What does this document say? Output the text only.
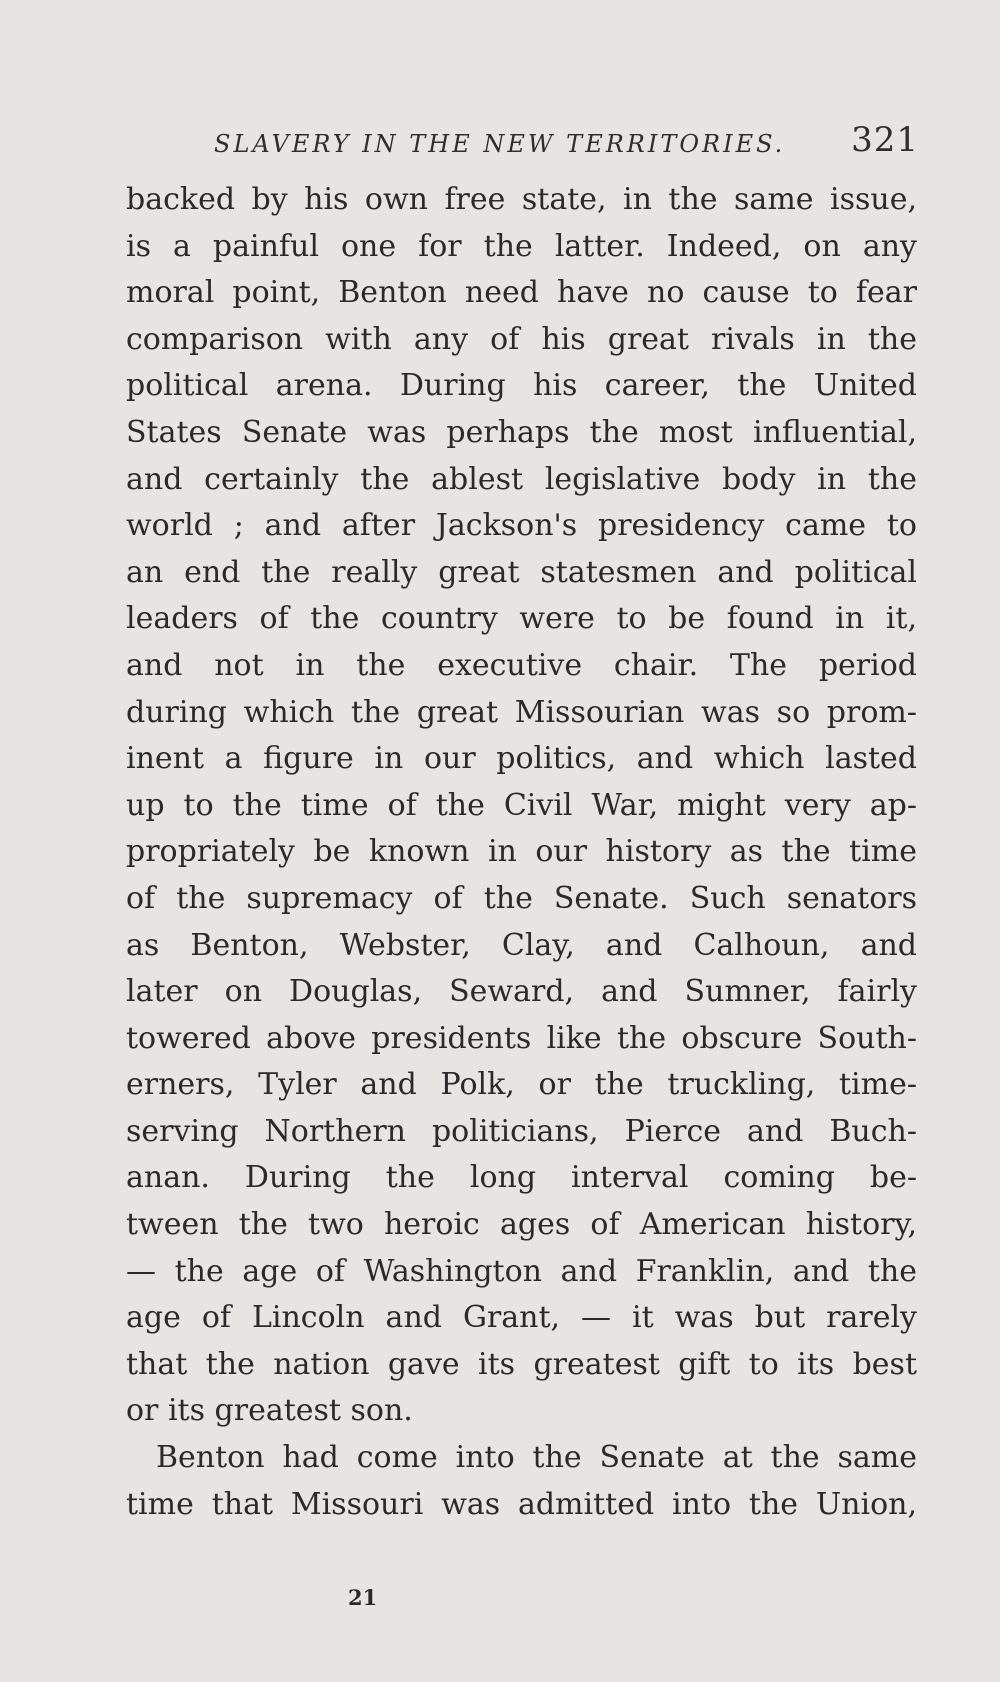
SLAVERY IN THE NEW TERRITORIES. 321
backed by his own free state, in the same issue,
is a painful one for the latter. Indeed, on any
moral point, Benton need have no cause to fear
comparison with any of his great rivals in the
political arena. During his career, the United
States Senate was perhaps the most influential,
and certainly the ablest legislative body in the
world ; and after Jackson's presidency came to
an end the really great statesmen and political
leaders of the country were to be found in it,
and not in the executive chair. The period
during which the great Missourian was so prom-
inent a figure in our politics, and which lasted
up to the time of the Civil War, might very ap-
propriately be known in our history as the time
of the supremacy of the Senate. Such senators
as Benton, Webster, Clay, and Calhoun, and
later on Douglas, Seward, and Sumner, fairly
towered above presidents like the obscure South-
erners, Tyler and Polk, or the truckling, time-
serving Northern politicians, Pierce and Buch-
anan. During the long interval coming be-
tween the two heroic ages of American history,
— the age of Washington and Franklin, and the
age of Lincoln and Grant, — it was but rarely
that the nation gave its greatest gift to its best
or its greatest son.
Benton had come into the Senate at the same
time that Missouri was admitted into the Union,
21
